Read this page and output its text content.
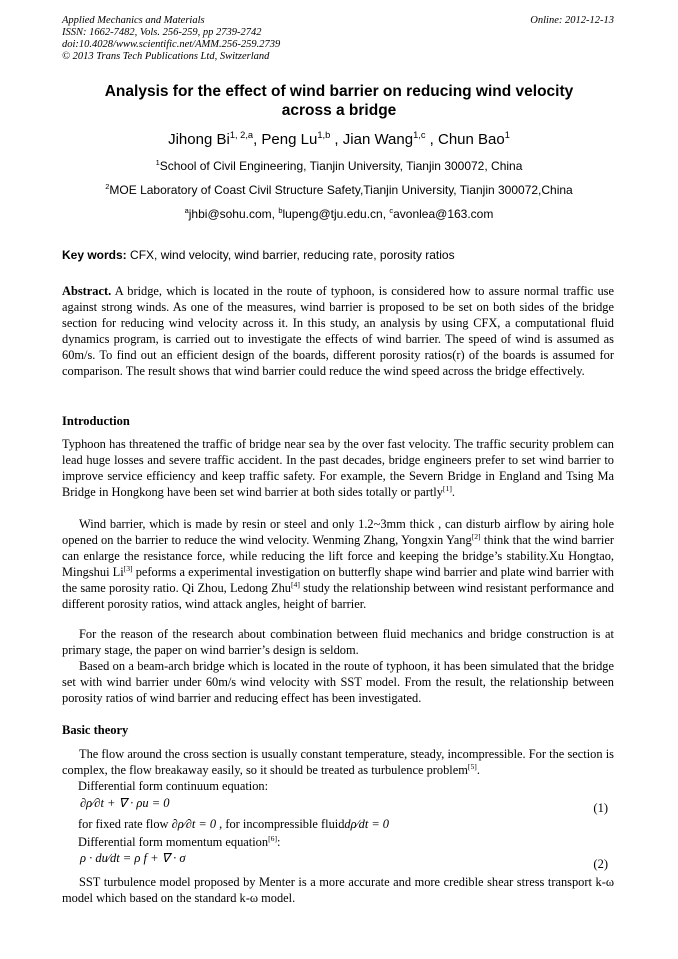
Applied Mechanics and Materials
ISSN: 1662-7482, Vols. 256-259, pp 2739-2742
doi:10.4028/www.scientific.net/AMM.256-259.2739
© 2013 Trans Tech Publications Ltd, Switzerland
Online: 2012-12-13
Analysis for the effect of wind barrier on reducing wind velocity
across a bridge
Jihong Bi$^{1, 2,a}$, Peng Lu$^{1,b}$ , Jian Wang$^{1,c}$ , Chun Bao$^1$
$^1$School of Civil Engineering, Tianjin University, Tianjin 300072, China
$^2$MOE Laboratory of Coast Civil Structure Safety,Tianjin University, Tianjin 300072,China
$^a$jhbi@sohu.com, $^b$lupeng@tju.edu.cn, $^c$avonlea@163.com
Key words: CFX, wind velocity, wind barrier, reducing rate, porosity ratios
Abstract. A bridge, which is located in the route of typhoon, is considered how to assure normal traffic use against strong winds. As one of the measures, wind barrier is proposed to be set on both sides of the bridge section for reducing wind velocity across it. In this study, an analysis by using CFX, a computational fluid dynamics program, is carried out to investigate the effects of wind barrier. The speed of wind is assumed as 60m/s. To find out an efficient design of the boards, different porosity ratios(r) of the boards is assumed for comparison. The result shows that wind barrier could reduce the wind speed across the bridge effectively.
Introduction
Typhoon has threatened the traffic of bridge near sea by the over fast velocity. The traffic security problem can lead huge losses and severe traffic accident. In the past decades, bridge engineers prefer to set wind barrier to improve service efficiency and keep traffic safety. For example, the Severn Bridge in England and Tsing Ma Bridge in Hongkong have been set wind barrier at both sides totally or partly[1].
Wind barrier, which is made by resin or steel and only 1.2~3mm thick , can disturb airflow by airing hole opened on the barrier to reduce the wind velocity. Wenming Zhang, Yongxin Yang[2] think that the wind barrier can enlarge the resistance force, while reducing the lift force and keeping the bridge’s stability.Xu Hongtao, Mingshui Li[3] peforms a experimental investigation on butterfly shape wind barrier and plate wind barrier with the same porosity ratio. Qi Zhou, Ledong Zhu[4] study the relationship between wind resistant performance and different porosity ratios, wind attack angles, height of barrier.
For the reason of the research about combination between fluid mechanics and bridge construction is at primary stage, the paper on wind barrier’s design is seldom.
Based on a beam-arch bridge which is located in the route of typhoon, it has been simulated that the bridge set with wind barrier under 60m/s wind velocity with SST model. From the result, the relationship between porosity ratios of wind barrier and reducing effect has been investigated.
Basic theory
The flow around the cross section is usually constant temperature, steady, incompressible. For the section is complex, the flow breakaway easily, so it should be treated as turbulence problem[5].
Differential form continuum equation:
∂ρ∕∂t + ∇ · ρu = 0	(1)
for fixed rate flow ∂ρ∕∂t = 0 , for incompressible fluiddρ∕dt = 0
Differential form momentum equation[6]:
ρ · du∕dt = ρ f + ∇ · σ	(2)
SST turbulence model proposed by Menter is a more accurate and more credible shear stress transport k-ω model which based on the standard k-ω model.
